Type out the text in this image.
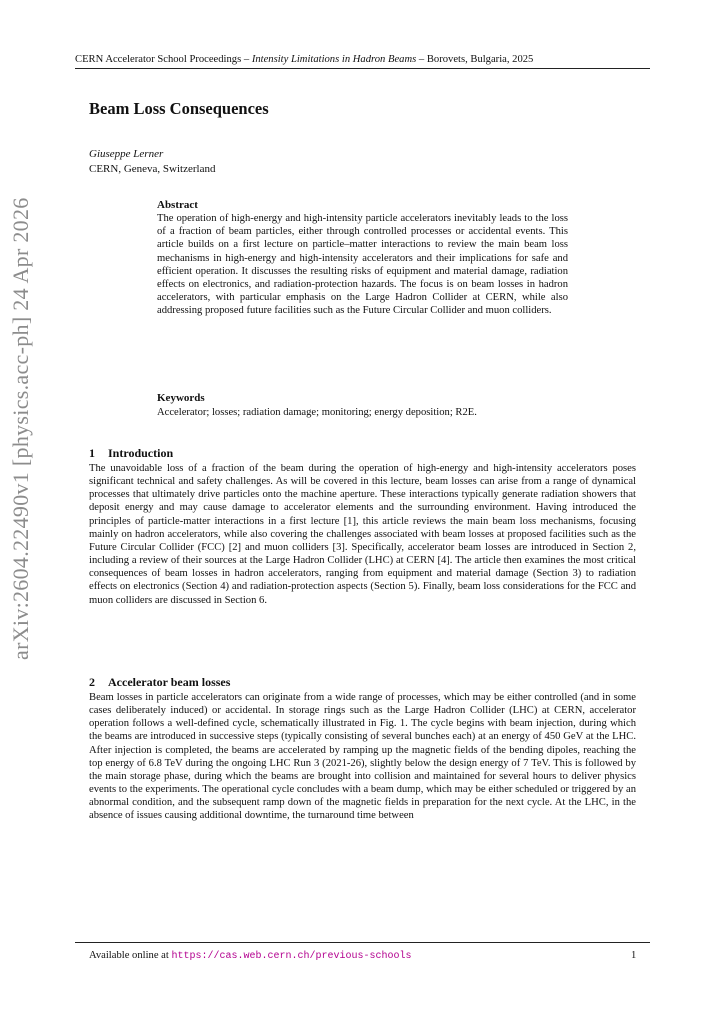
CERN Accelerator School Proceedings – Intensity Limitations in Hadron Beams – Borovets, Bulgaria, 2025
Beam Loss Consequences
Giuseppe Lerner
CERN, Geneva, Switzerland
Abstract
The operation of high-energy and high-intensity particle accelerators inevitably leads to the loss of a fraction of beam particles, either through controlled processes or accidental events. This article builds on a first lecture on particle–matter interactions to review the main beam loss mechanisms in high-energy and high-intensity accelerators and their implications for safe and efficient operation. It discusses the resulting risks of equipment and material damage, radiation effects on electronics, and radiation-protection hazards. The focus is on beam losses in hadron accelerators, with particular emphasis on the Large Hadron Collider at CERN, while also addressing proposed future facilities such as the Future Circular Collider and muon colliders.
Keywords
Accelerator; losses; radiation damage; monitoring; energy deposition; R2E.
1 Introduction
The unavoidable loss of a fraction of the beam during the operation of high-energy and high-intensity accelerators poses significant technical and safety challenges. As will be covered in this lecture, beam losses can arise from a range of dynamical processes that ultimately drive particles onto the machine aperture. These interactions typically generate radiation showers that deposit energy and may cause damage to accelerator elements and the surrounding environment. Having introduced the principles of particle-matter interactions in a first lecture [1], this article reviews the main beam loss mechanisms, focusing mainly on hadron accelerators, while also covering the challenges associated with beam losses at proposed facilities such as the Future Circular Collider (FCC) [2] and muon colliders [3]. Specifically, accelerator beam losses are introduced in Section 2, including a review of their sources at the Large Hadron Collider (LHC) at CERN [4]. The article then examines the most critical consequences of beam losses in hadron accelerators, ranging from equipment and material damage (Section 3) to radiation effects on electronics (Section 4) and radiation-protection aspects (Section 5). Finally, beam loss considerations for the FCC and muon colliders are discussed in Section 6.
2 Accelerator beam losses
Beam losses in particle accelerators can originate from a wide range of processes, which may be either controlled (and in some cases deliberately induced) or accidental. In storage rings such as the Large Hadron Collider (LHC) at CERN, accelerator operation follows a well-defined cycle, schematically illustrated in Fig. 1. The cycle begins with beam injection, during which the beams are introduced in successive steps (typically consisting of several bunches each) at an energy of 450 GeV at the LHC. After injection is completed, the beams are accelerated by ramping up the magnetic fields of the bending dipoles, reaching the top energy of 6.8 TeV during the ongoing LHC Run 3 (2021-26), slightly below the design energy of 7 TeV. This is followed by the main storage phase, during which the beams are brought into collision and maintained for several hours to deliver physics events to the experiments. The operational cycle concludes with a beam dump, which may be either scheduled or triggered by an abnormal condition, and the subsequent ramp down of the magnetic fields in preparation for the next cycle. At the LHC, in the absence of issues causing additional downtime, the turnaround time between
arXiv:2604.22490v1 [physics.acc-ph] 24 Apr 2026
Available online at https://cas.web.cern.ch/previous-schools	1
